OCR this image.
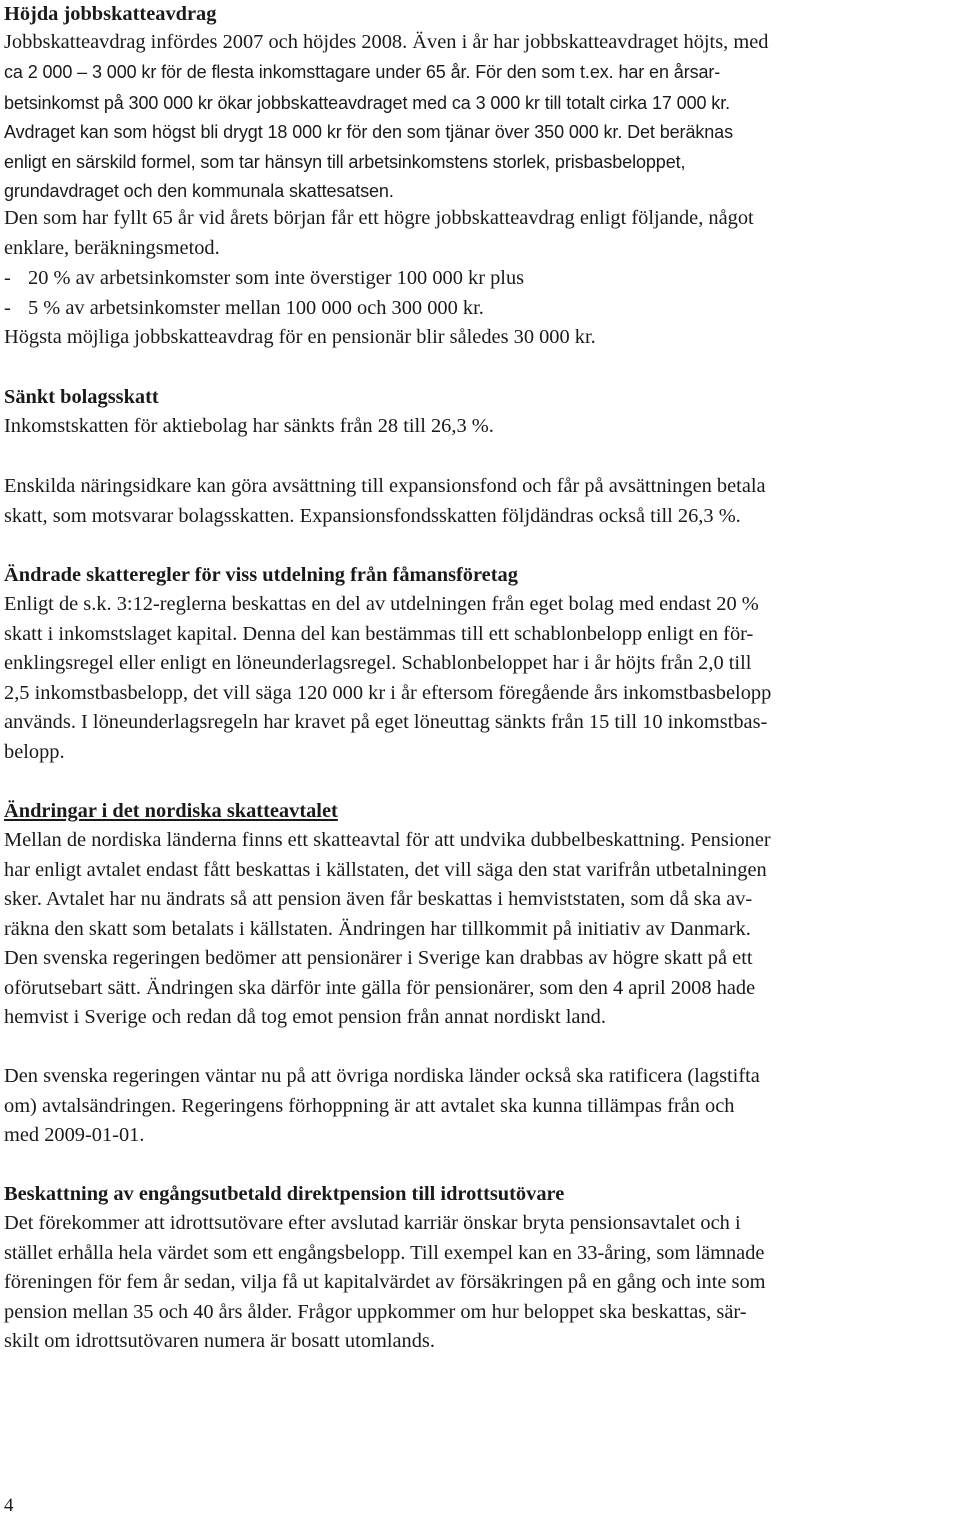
Höjda jobbskatteavdrag
Jobbskatteavdrag infördes 2007 och höjdes 2008. Även i år har jobbskatteavdraget höjts, med
ca 2 000 – 3 000 kr för de flesta inkomsttagare under 65 år. För den som t.ex. har en årsar-
betsinkomst på 300 000 kr ökar jobbskatteavdraget med ca 3 000 kr till totalt cirka 17 000 kr.
Avdraget kan som högst bli drygt 18 000 kr för den som tjänar över 350 000 kr. Det beräknas
enligt en särskild formel, som tar hänsyn till arbetsinkomstens storlek, prisbasbeloppet,
grundavdraget och den kommunala skattesatsen.
Den som har fyllt 65 år vid årets början får ett högre jobbskatteavdrag enligt följande, något
enklare, beräkningsmetod.
- 20 % av arbetsinkomster som inte överstiger 100 000 kr plus
- 5 % av arbetsinkomster mellan 100 000 och 300 000 kr.
Högsta möjliga jobbskatteavdrag för en pensionär blir således 30 000 kr.
Sänkt bolagsskatt
Inkomstskatten för aktiebolag har sänkts från 28 till 26,3 %.
Enskilda näringsidkare kan göra avsättning till expansionsfond och får på avsättningen betala
skatt, som motsvarar bolagsskatten. Expansionsfondsskatten följdändras också till 26,3 %.
Ändrade skatteregler för viss utdelning från fåmansföretag
Enligt de s.k. 3:12-reglerna beskattas en del av utdelningen från eget bolag med endast 20 %
skatt i inkomstslaget kapital. Denna del kan bestämmas till ett schablonbelopp enligt en för-
enklingsregel eller enligt en löneunderlagsregel. Schablonbeloppet har i år höjts från 2,0 till
2,5 inkomstbasbelopp, det vill säga 120 000 kr i år eftersom föregående års inkomstbasbelopp
används. I löneunderlagsregeln har kravet på eget löneuttag sänkts från 15 till 10 inkomstbas-
belopp.
Ändringar i det nordiska skatteavtalet
Mellan de nordiska länderna finns ett skatteavtal för att undvika dubbelbeskattning. Pensioner
har enligt avtalet endast fått beskattas i källstaten, det vill säga den stat varifrån utbetalningen
sker. Avtalet har nu ändrats så att pension även får beskattas i hemviststaten, som då ska av-
räkna den skatt som betalats i källstaten. Ändringen har tillkommit på initiativ av Danmark.
Den svenska regeringen bedömer att pensionärer i Sverige kan drabbas av högre skatt på ett
oförutsebart sätt. Ändringen ska därför inte gälla för pensionärer, som den 4 april 2008 hade
hemvist i Sverige och redan då tog emot pension från annat nordiskt land.
Den svenska regeringen väntar nu på att övriga nordiska länder också ska ratificera (lagstifta
om) avtalsändringen. Regeringens förhoppning är att avtalet ska kunna tillämpas från och
med 2009-01-01.
Beskattning av engångsutbetald direktpension till idrottsutövare
Det förekommer att idrottsutövare efter avslutad karriär önskar bryta pensionsavtalet och i
stället erhålla hela värdet som ett engångsbelopp. Till exempel kan en 33-åring, som lämnade
föreningen för fem år sedan, vilja få ut kapitalvärdet av försäkringen på en gång och inte som
pension mellan 35 och 40 års ålder. Frågor uppkommer om hur beloppet ska beskattas, sär-
skilt om idrottsutövaren numera är bosatt utomlands.
4
